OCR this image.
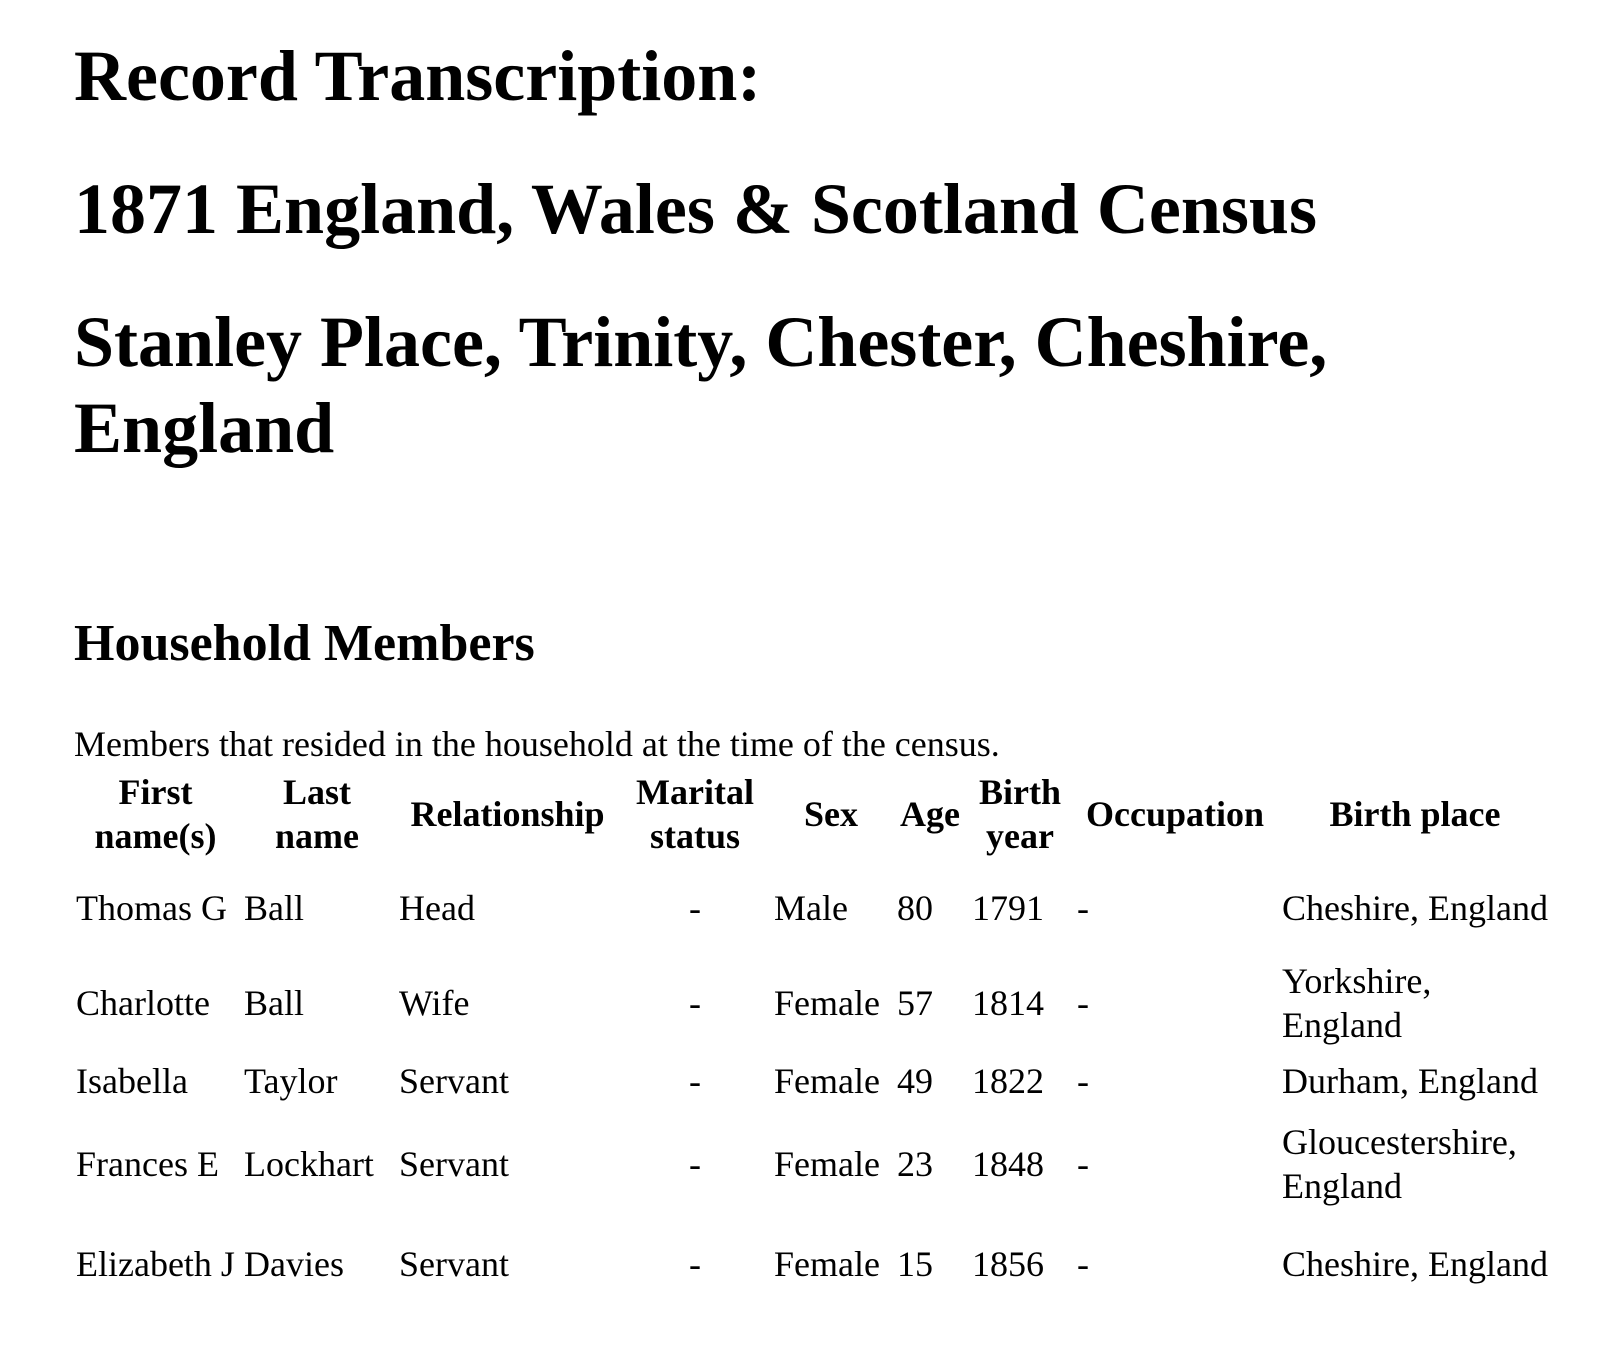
Record Transcription:
1871 England, Wales & Scotland Census
Stanley Place, Trinity, Chester, Cheshire, England
Household Members
Members that resided in the household at the time of the census.
First name(s)	Last name	Relationship	Marital status	Sex	Age	Birth year	Occupation	Birth place
Thomas G	Ball	Head	-	Male	80	1791	-	Cheshire, England
Charlotte	Ball	Wife	-	Female	57	1814	-	Yorkshire, England
Isabella	Taylor	Servant	-	Female	49	1822	-	Durham, England
Frances E	Lockhart	Servant	-	Female	23	1848	-	Gloucestershire, England
Elizabeth J	Davies	Servant	-	Female	15	1856	-	Cheshire, England
